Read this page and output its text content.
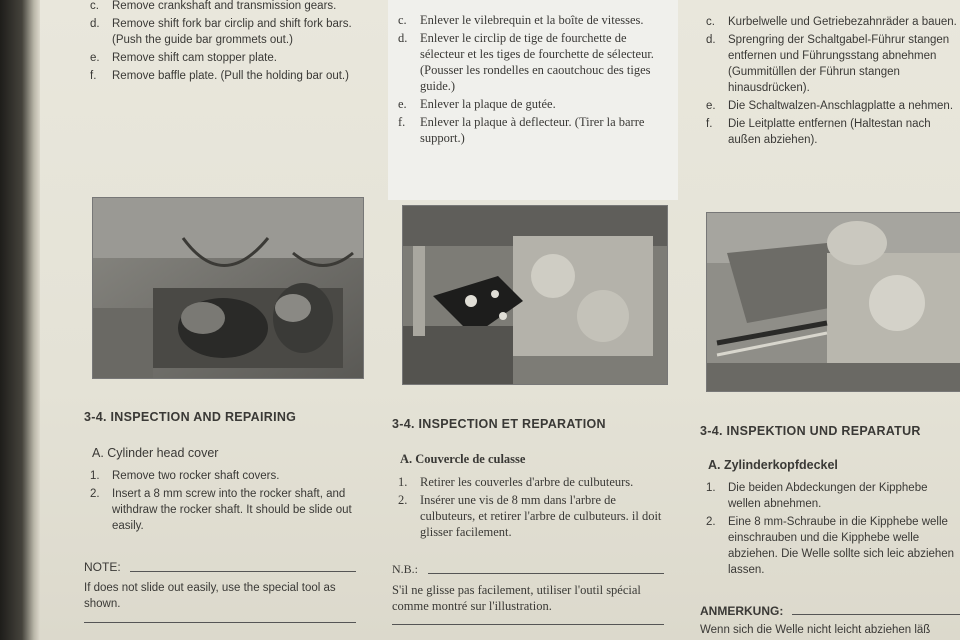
c. Remove crankshaft and transmission gears.
d. Remove shift fork bar circlip and shift fork bars. (Push the guide bar grommets out.)
e. Remove shift cam stopper plate.
f. Remove baffle plate. (Pull the holding bar out.)
3-4. INSPECTION AND REPAIRING
A. Cylinder head cover
1. Remove two rocker shaft covers.
2. Insert a 8 mm screw into the rocker shaft, and withdraw the rocker shaft. It should be slide out easily.
NOTE:
If does not slide out easily, use the special tool as shown.
c. Enlever le vilebrequin et la boîte de vitesses.
d. Enlever le circlip de tige de fourchette de sélecteur et les tiges de fourchette de sélecteur. (Pousser les rondelles en caoutchouc des tiges guide.)
e. Enlever la plaque de gutée.
f. Enlever la plaque à deflecteur. (Tirer la barre support.)
3-4. INSPECTION ET REPARATION
A. Couvercle de culasse
1. Retirer les couverles d'arbre de culbuteurs.
2. Insérer une vis de 8 mm dans l'arbre de culbuteurs, et retirer l'arbre de culbuteurs. il doit glisser facilement.
N.B.:
S'il ne glisse pas facilement, utiliser l'outil spécial comme montré sur l'illustration.
c. Kurbelwelle und Getriebezahnräder a bauen.
d. Sprengring der Schaltgabel-Führur stangen entfernen und Führungsstang abnehmen (Gummitüllen der Führun stangen hinausdrücken).
e. Die Schaltwalzen-Anschlagplatte a nehmen.
f. Die Leitplatte entfernen (Haltestan nach außen abziehen).
3-4. INSPEKTION UND REPARATUR
A. Zylinderkopfdeckel
1. Die beiden Abdeckungen der Kipphebe wellen abnehmen.
2. Eine 8 mm-Schraube in die Kipphebe welle einschrauben und die Kipphebe welle abziehen. Die Welle sollte sich leic abziehen lassen.
ANMERKUNG:
Wenn sich die Welle nicht leicht abziehen läß
